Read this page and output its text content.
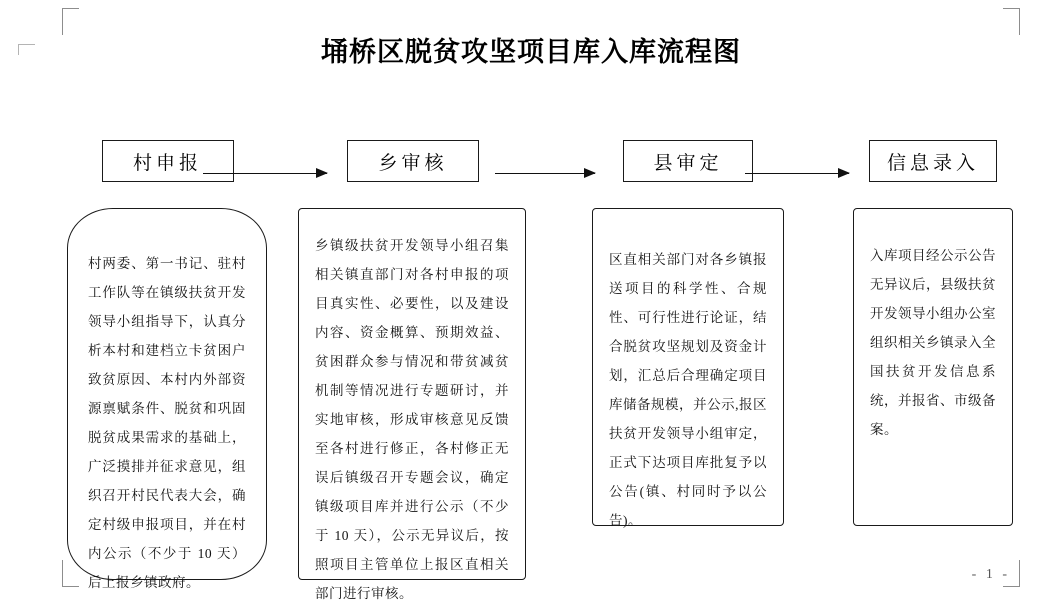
埇桥区脱贫攻坚项目库入库流程图
村申报
村两委、第一书记、驻村工作队等在镇级扶贫开发领导小组指导下，认真分析本村和建档立卡贫困户致贫原因、本村内外部资源禀赋条件、脱贫和巩固脱贫成果需求的基础上，广泛摸排并征求意见，组织召开村民代表大会，确定村级申报项目，并在村内公示（不少于 10 天）后上报乡镇政府。
乡审核
乡镇级扶贫开发领导小组召集相关镇直部门对各村申报的项目真实性、必要性，以及建设内容、资金概算、预期效益、贫困群众参与情况和带贫减贫机制等情况进行专题研讨，并实地审核，形成审核意见反馈至各村进行修正，各村修正无误后镇级召开专题会议，确定镇级项目库并进行公示（不少于 10 天），公示无异议后，按照项目主管单位上报区直相关部门进行审核。
县审定
区直相关部门对各乡镇报送项目的科学性、合规性、可行性进行论证，结合脱贫攻坚规划及资金计划，汇总后合理确定项目库储备规模，并公示,报区扶贫开发领导小组审定，正式下达项目库批复予以公告(镇、村同时予以公告)。
信息录入
入库项目经公示公告无异议后，县级扶贫开发领导小组办公室组织相关乡镇录入全国扶贫开发信息系统，并报省、市级备案。
- 1 -
